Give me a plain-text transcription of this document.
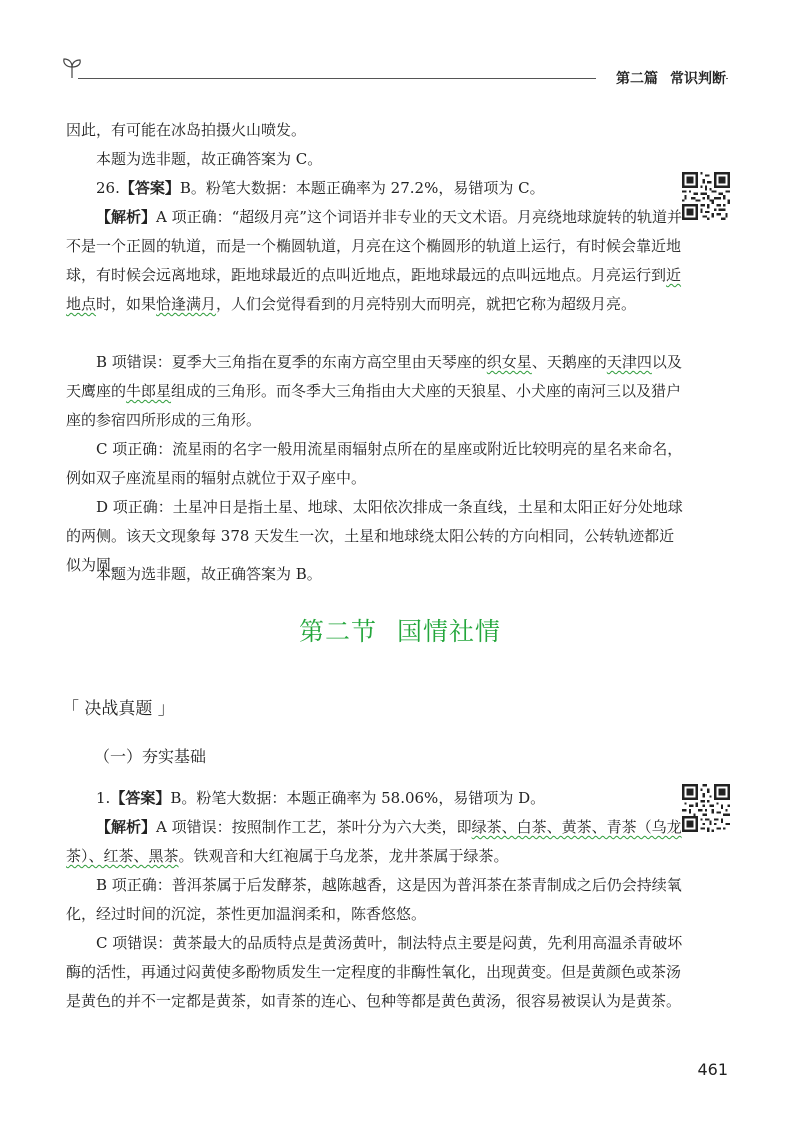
第二篇 常识判断

因此，有可能在冰岛拍摄火山喷发。

本题为选非题，故正确答案为 C。

26.【答案】B。粉笔大数据：本题正确率为 27.2%，易错项为 C。

【解析】A 项正确：“超级月亮”这个词语并非专业的天文术语。月亮绕地球旋转的轨道并不是一个正圆的轨道，而是一个椭圆轨道，月亮在这个椭圆形的轨道上运行，有时候会靠近地球，有时候会远离地球，距地球最近的点叫近地点，距地球最远的点叫远地点。月亮运行到近地点时，如果恰逢满月，人们会觉得看到的月亮特别大而明亮，就把它称为超级月亮。

B 项错误：夏季大三角指在夏季的东南方高空里由天琴座的织女星、天鹅座的天津四以及天鹰座的牛郎星组成的三角形。而冬季大三角指由大犬座的天狼星、小犬座的南河三以及猎户座的参宿四所形成的三角形。

C 项正确：流星雨的名字一般用流星雨辐射点所在的星座或附近比较明亮的星名来命名，例如双子座流星雨的辐射点就位于双子座中。

D 项正确：土星冲日是指土星、地球、太阳依次排成一条直线，土星和太阳正好分处地球的两侧。该天文现象每 378 天发生一次，土星和地球绕太阳公转的方向相同，公转轨迹都近似为圆。

本题为选非题，故正确答案为 B。

第二节 国情社情
「 决战真题 」
（一）夯实基础

1.【答案】B。粉笔大数据：本题正确率为 58.06%，易错项为 D。

【解析】A 项错误：按照制作工艺，茶叶分为六大类，即绿茶、白茶、黄茶、青茶（乌龙茶）、红茶、黑茶。铁观音和大红袍属于乌龙茶，龙井茶属于绿茶。

B 项正确：普洱茶属于后发酵茶，越陈越香，这是因为普洱茶在茶青制成之后仍会持续氧化，经过时间的沉淀，茶性更加温润柔和，陈香悠悠。

C 项错误：黄茶最大的品质特点是黄汤黄叶，制法特点主要是闷黄，先利用高温杀青破坏酶的活性，再通过闷黄使多酚物质发生一定程度的非酶性氧化，出现黄变。但是黄颜色或茶汤是黄色的并不一定都是黄茶，如青茶的连心、包种等都是黄色黄汤，很容易被误认为是黄茶。

461
